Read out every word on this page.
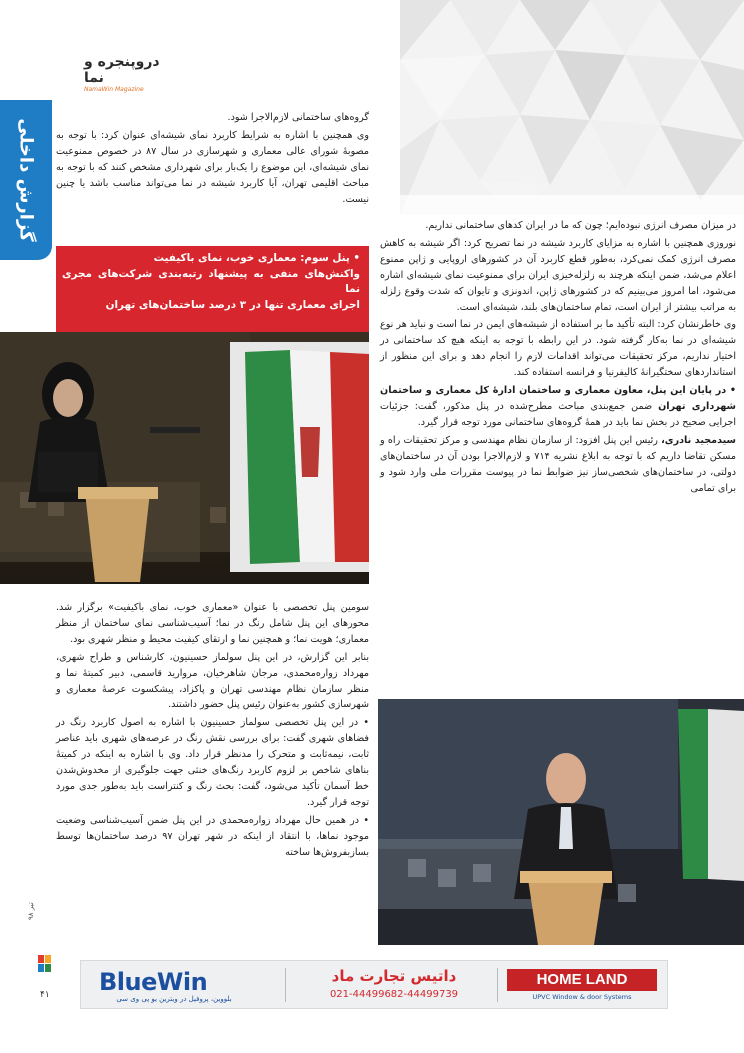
دروپنجره و نما
NamaWin Magazine
گزارش داخلی

گروه‌های ساختمانی لازم‌الاجرا شود.

وی همچنین با اشاره به شرایط کاربرد نمای شیشه‌ای عنوان کرد: با توجه به مصوبهٔ شورای عالی معماری و شهرسازی در سال ۸۷ در خصوص ممنوعیت نمای شیشه‌ای، این موضوع را یک‌بار برای شهرداری مشخص کنند که با توجه به مباحث اقلیمی تهران، آیا کاربرد شیشه در نما می‌تواند مناسب باشد یا چنین نیست.

• پنل سوم: معماری خوب، نمای باکیفیت
واکنش‌های منفی به پیشنهاد رتبه‌بندی شرکت‌های مجری نما
اجرای معماری تنها در ۳ درصد ساختمان‌های تهران

در میزان مصرف انرژی نبوده‌ایم؛ چون که ما در ایران کدهای ساختمانی نداریم.

نوروزی همچنین با اشاره به مزایای کاربرد شیشه در نما تصریح کرد: اگر شیشه به کاهش مصرف انرژی کمک نمی‌کرد، به‌طور قطع کاربرد آن در کشورهای اروپایی و ژاپن ممنوع اعلام می‌شد، ضمن اینکه هرچند به زلزله‌خیزی ایران برای ممنوعیت نمای شیشه‌ای اشاره می‌شود، اما امروز می‌بینیم که در کشورهای ژاپن، اندونزی و تایوان که شدت وقوع زلزله به مراتب بیشتر از ایران است، تمام ساختمان‌های بلند، شیشه‌ای است.

وی خاطرنشان کرد: البته تأکید ما بر استفاده از شیشه‌های ایمن در نما است و نباید هر نوع شیشه‌ای در نما به‌کار گرفته شود. در این رابطه با توجه به اینکه هیچ کد ساختمانی در اختیار نداریم، مرکز تحقیقات می‌تواند اقدامات لازم را انجام دهد و برای این منظور از استانداردهای سختگیرانهٔ کالیفرنیا و فرانسه استفاده کند.

• در پایان این پنل، معاون معماری و ساختمان ادارهٔ کل معماری و ساختمان شهرداری تهران ضمن جمع‌بندی مباحث مطرح‌شده در پنل مذکور، گفت: جزئیات اجرایی صحیح در بخش نما باید در همهٔ گروه‌های ساختمانی مورد توجه قرار گیرد.

سیدمجید نادری، رئیس این پنل افزود: از سازمان نظام مهندسی و مرکز تحقیقات راه و مسکن تقاضا داریم که با توجه به ابلاغ نشریه ۷۱۴ و لازم‌الاجرا بودن آن در ساختمان‌های دولتی، در ساختمان‌های شخصی‌ساز نیز ضوابط نما در پیوست مقررات ملی وارد شود و برای تمامی

سومین پنل تخصصی با عنوان «معماری خوب، نمای باکیفیت» برگزار شد. محورهای این پنل شامل رنگ در نما؛ آسیب‌شناسی نمای ساختمان از منظر معماری؛ هویت نما؛ و همچنین نما و ارتقای کیفیت محیط و منظر شهری بود.

بنابر این گزارش، در این پنل سولماز حسینیون، کارشناس و طراح شهری، مهرداد زواره‌محمدی، مرجان شاهرخیان، مروارید قاسمی، دبیر کمیتهٔ نما و منظر سازمان نظام مهندسی تهران و پاکزاد، پیشکسوت عرصهٔ معماری و شهرسازی کشور به‌عنوان رئیس پنل حضور داشتند.

• در این پنل تخصصی سولماز حسینیون با اشاره به اصول کاربرد رنگ در فضاهای شهری گفت: برای بررسی نقش رنگ در عرصه‌های شهری باید عناصر ثابت، نیمه‌ثابت و متحرک را مدنظر قرار داد. وی با اشاره به اینکه در کمیتهٔ بناهای شاخص بر لزوم کاربرد رنگ‌های خنثی جهت جلوگیری از مخدوش‌شدن خط آسمان تأکید می‌شود، گفت: بحث رنگ و کنتراست باید به‌طور جدی مورد توجه قرار گیرد.

• در همین حال مهرداد زواره‌محمدی در این پنل ضمن آسیب‌شناسی وضعیت موجود نماها، با انتقاد از اینکه در شهر تهران ۹۷ درصد ساختمان‌ها توسط بساز‌بفروش‌ها ساخته

تیر ۹۸
۴۱ BlueWin
بلووین، پروفیل در ویترین یو پی وی سی
داتیس تجارت ماد
021-44499682-44499739
HOME LAND
UPVC Window & door Systems
